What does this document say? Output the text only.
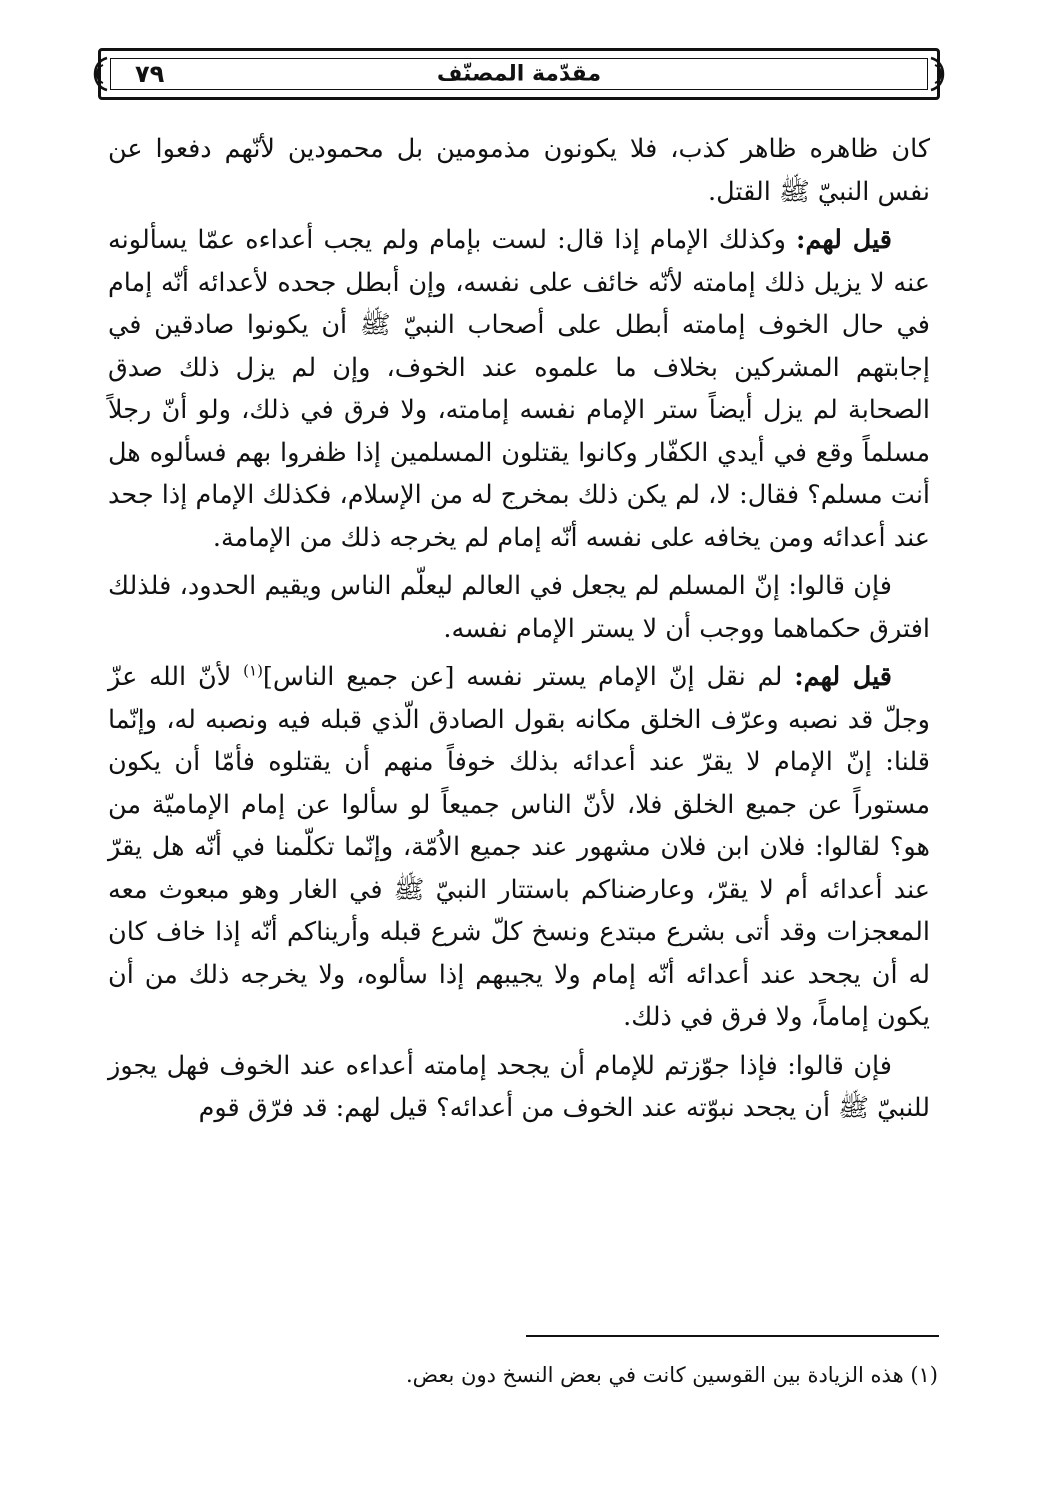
٧٩	مقدّمة المصنّف

كان ظاهره ظاهر كذب، فلا يكونون مذمومين بل محمودين لأنّهم دفعوا عن نفس النبيّ ﷺ القتل.

قيل لهم: وكذلك الإمام إذا قال: لست بإمام ولم يجب أعداءه عمّا يسألونه عنه لا يزيل ذلك إمامته لأنّه خائف على نفسه، وإن أبطل جحده لأعدائه أنّه إمام في حال الخوف إمامته أبطل على أصحاب النبيّ ﷺ أن يكونوا صادقين في إجابتهم المشركين بخلاف ما علموه عند الخوف، وإن لم يزل ذلك صدق الصحابة لم يزل أيضاً ستر الإمام نفسه إمامته، ولا فرق في ذلك، ولو أنّ رجلاً مسلماً وقع في أيدي الكفّار وكانوا يقتلون المسلمين إذا ظفروا بهم فسألوه هل أنت مسلم؟ فقال: لا، لم يكن ذلك بمخرج له من الإسلام، فكذلك الإمام إذا جحد عند أعدائه ومن يخافه على نفسه أنّه إمام لم يخرجه ذلك من الإمامة.

فإن قالوا: إنّ المسلم لم يجعل في العالم ليعلّم الناس ويقيم الحدود، فلذلك افترق حكماهما ووجب أن لا يستر الإمام نفسه.

قيل لهم: لم نقل إنّ الإمام يستر نفسه [عن جميع الناس]$^{(١)}$ لأنّ الله عزّ وجلّ قد نصبه وعرّف الخلق مكانه بقول الصادق الّذي قبله فيه ونصبه له، وإنّما قلنا: إنّ الإمام لا يقرّ عند أعدائه بذلك خوفاً منهم أن يقتلوه فأمّا أن يكون مستوراً عن جميع الخلق فلا، لأنّ الناس جميعاً لو سألوا عن إمام الإماميّة من هو؟ لقالوا: فلان ابن فلان مشهور عند جميع الاُمّة، وإنّما تكلّمنا في أنّه هل يقرّ عند أعدائه أم لا يقرّ، وعارضناكم باستتار النبيّ ﷺ في الغار وهو مبعوث معه المعجزات وقد أتى بشرع مبتدع ونسخ كلّ شرع قبله وأريناكم أنّه إذا خاف كان له أن يجحد عند أعدائه أنّه إمام ولا يجيبهم إذا سألوه، ولا يخرجه ذلك من أن يكون إماماً، ولا فرق في ذلك.

فإن قالوا: فإذا جوّزتم للإمام أن يجحد إمامته أعداءه عند الخوف فهل يجوز للنبيّ ﷺ أن يجحد نبوّته عند الخوف من أعدائه؟ قيل لهم: قد فرّق قوم

(١) هذه الزيادة بين القوسين كانت في بعض النسخ دون بعض.
